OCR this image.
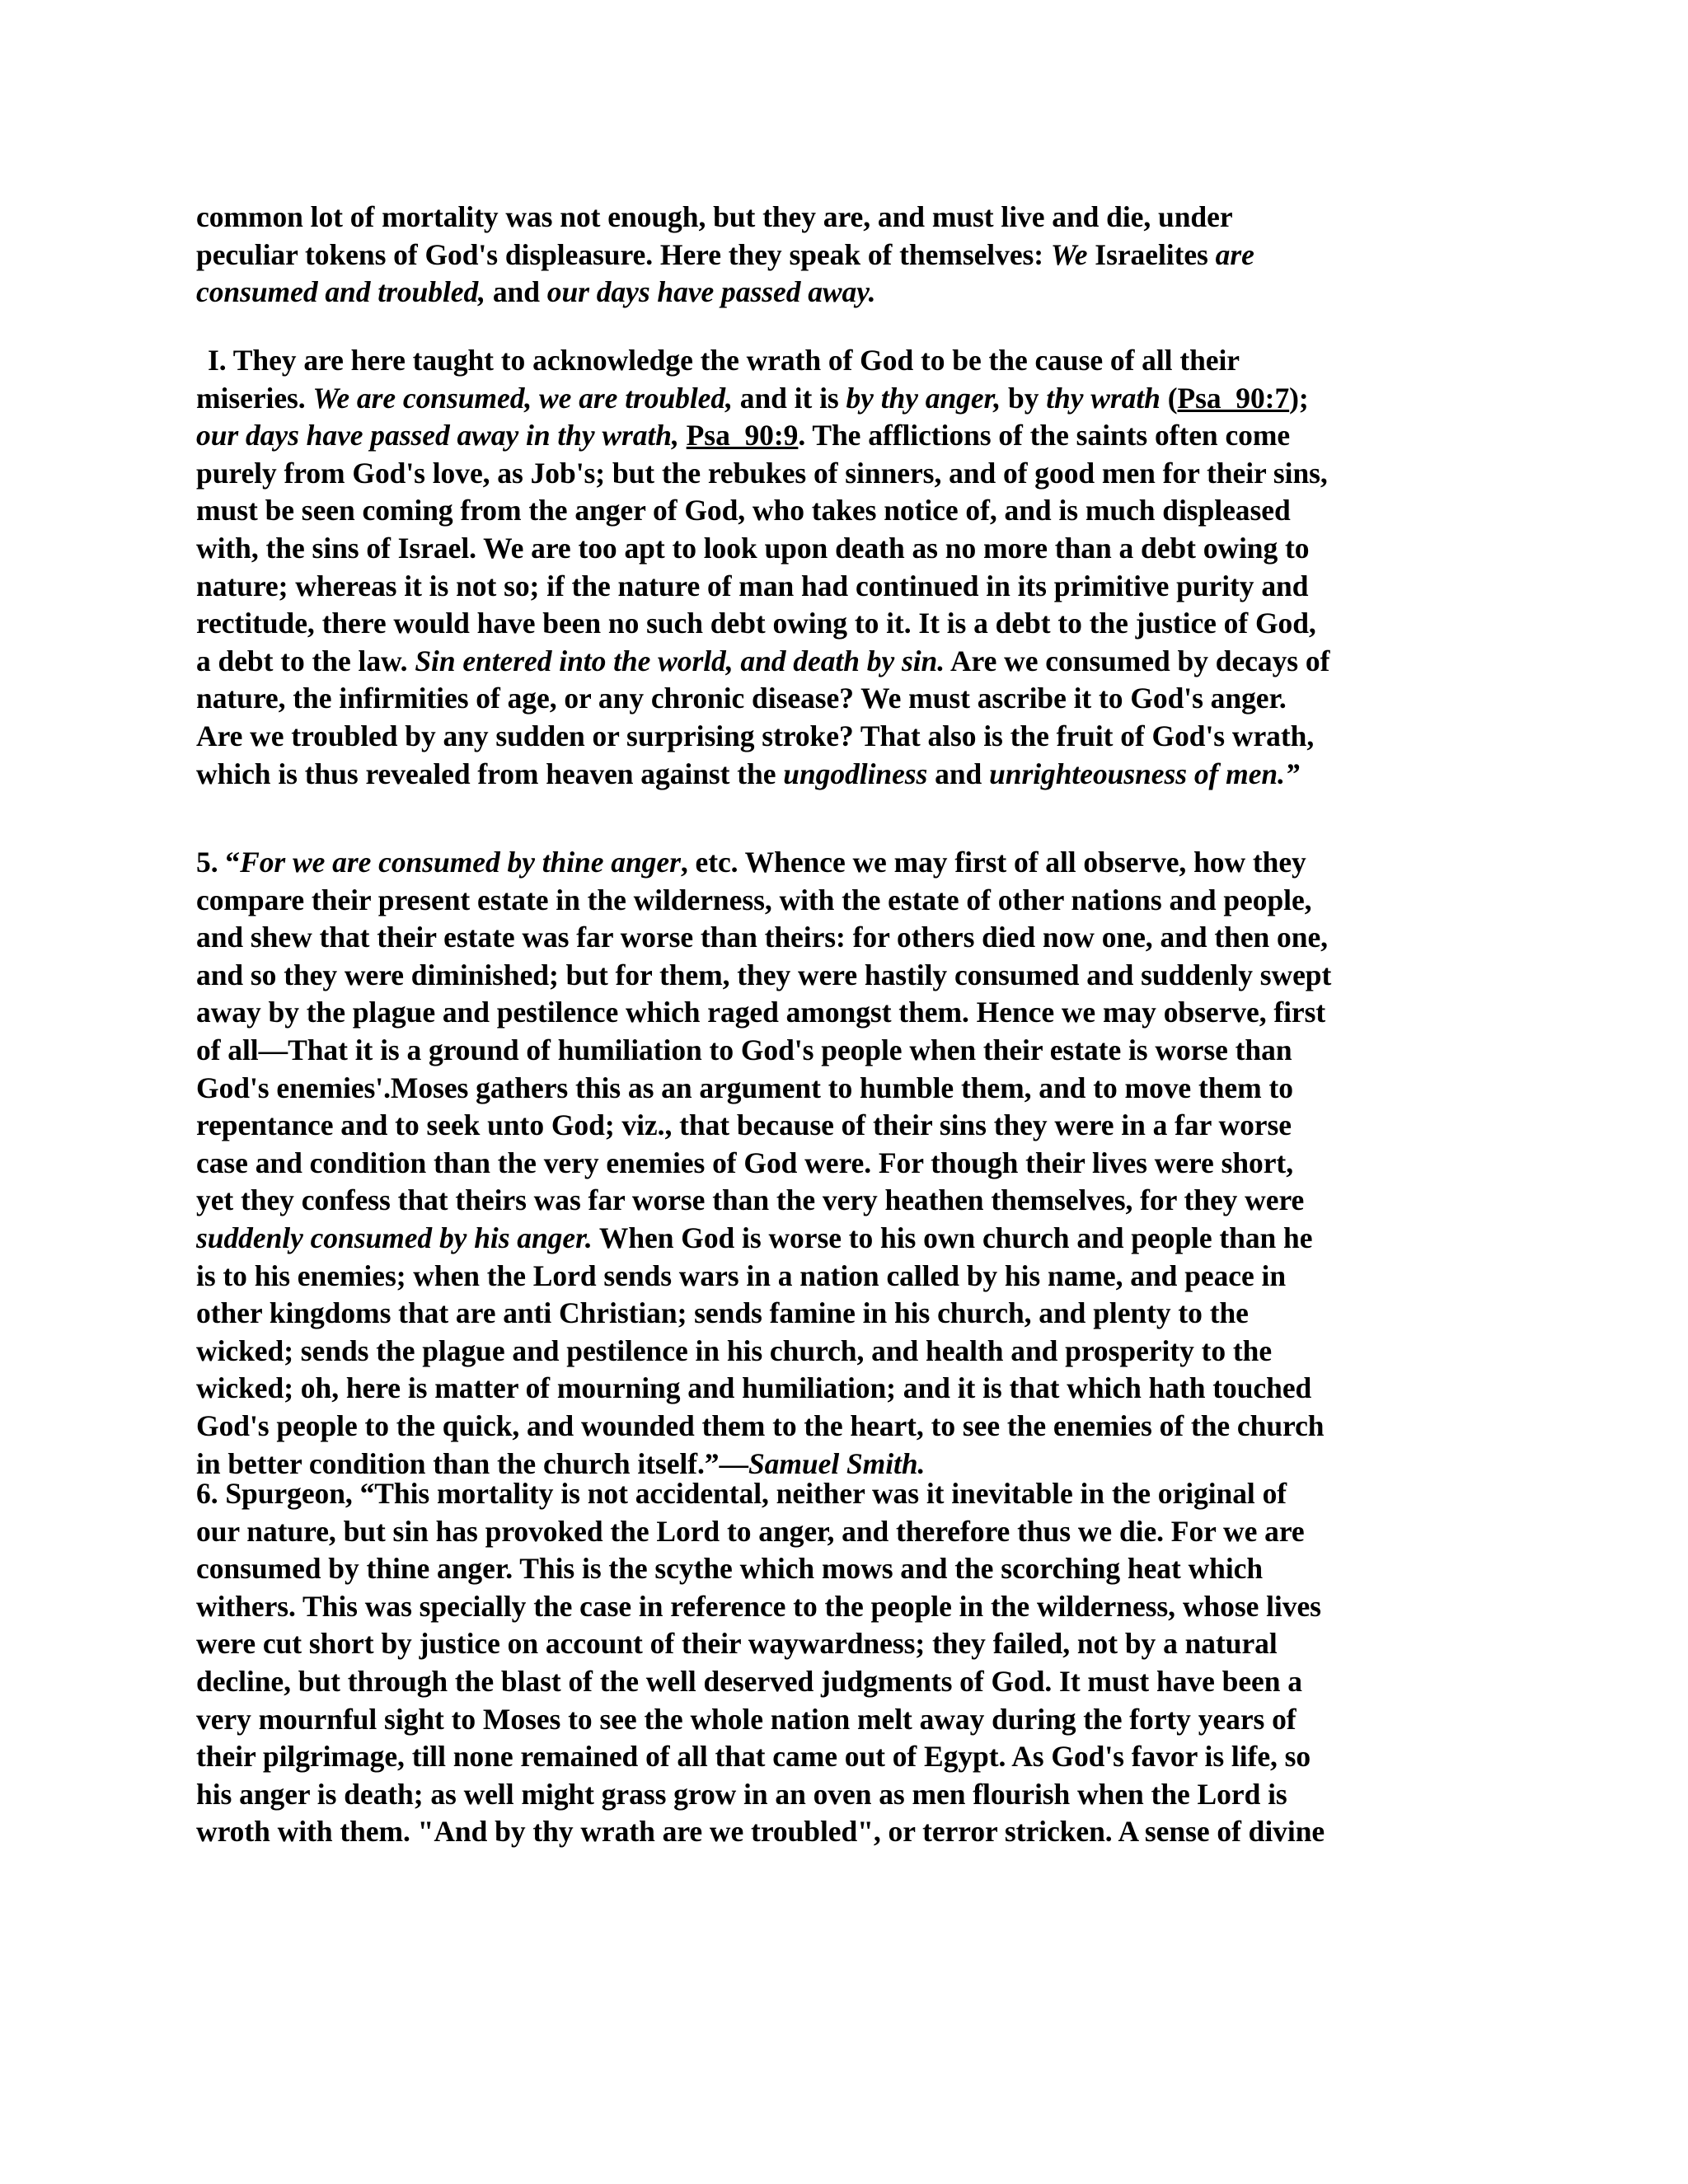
common lot of mortality was not enough, but they are, and must live and die, under
peculiar tokens of God's displeasure. Here they speak of themselves: We Israelites are
consumed and troubled, and our days have passed away.
I. They are here taught to acknowledge the wrath of God to be the cause of all their
miseries. We are consumed, we are troubled, and it is by thy anger, by thy wrath (Psa_90:7);
our days have passed away in thy wrath, Psa_90:9. The afflictions of the saints often come
purely from God's love, as Job's; but the rebukes of sinners, and of good men for their sins,
must be seen coming from the anger of God, who takes notice of, and is much displeased
with, the sins of Israel. We are too apt to look upon death as no more than a debt owing to
nature; whereas it is not so; if the nature of man had continued in its primitive purity and
rectitude, there would have been no such debt owing to it. It is a debt to the justice of God,
a debt to the law. Sin entered into the world, and death by sin. Are we consumed by decays of
nature, the infirmities of age, or any chronic disease? We must ascribe it to God's anger.
Are we troubled by any sudden or surprising stroke? That also is the fruit of God's wrath,
which is thus revealed from heaven against the ungodliness and unrighteousness of men.”
5. “For we are consumed by thine anger, etc. Whence we may first of all observe, how they
compare their present estate in the wilderness, with the estate of other nations and people,
and shew that their estate was far worse than theirs: for others died now one, and then one,
and so they were diminished; but for them, they were hastily consumed and suddenly swept
away by the plague and pestilence which raged amongst them. Hence we may observe, first
of all—That it is a ground of humiliation to God's people when their estate is worse than
God's enemies'.Moses gathers this as an argument to humble them, and to move them to
repentance and to seek unto God; viz., that because of their sins they were in a far worse
case and condition than the very enemies of God were. For though their lives were short,
yet they confess that theirs was far worse than the very heathen themselves, for they were
suddenly consumed by his anger. When God is worse to his own church and people than he
is to his enemies; when the Lord sends wars in a nation called by his name, and peace in
other kingdoms that are anti Christian; sends famine in his church, and plenty to the
wicked; sends the plague and pestilence in his church, and health and prosperity to the
wicked; oh, here is matter of mourning and humiliation; and it is that which hath touched
God's people to the quick, and wounded them to the heart, to see the enemies of the church
in better condition than the church itself.”—Samuel Smith.
6. Spurgeon, “This mortality is not accidental, neither was it inevitable in the original of
our nature, but sin has provoked the Lord to anger, and therefore thus we die. For we are
consumed by thine anger. This is the scythe which mows and the scorching heat which
withers. This was specially the case in reference to the people in the wilderness, whose lives
were cut short by justice on account of their waywardness; they failed, not by a natural
decline, but through the blast of the well deserved judgments of God. It must have been a
very mournful sight to Moses to see the whole nation melt away during the forty years of
their pilgrimage, till none remained of all that came out of Egypt. As God's favor is life, so
his anger is death; as well might grass grow in an oven as men flourish when the Lord is
wroth with them. "And by thy wrath are we troubled", or terror stricken. A sense of divine
